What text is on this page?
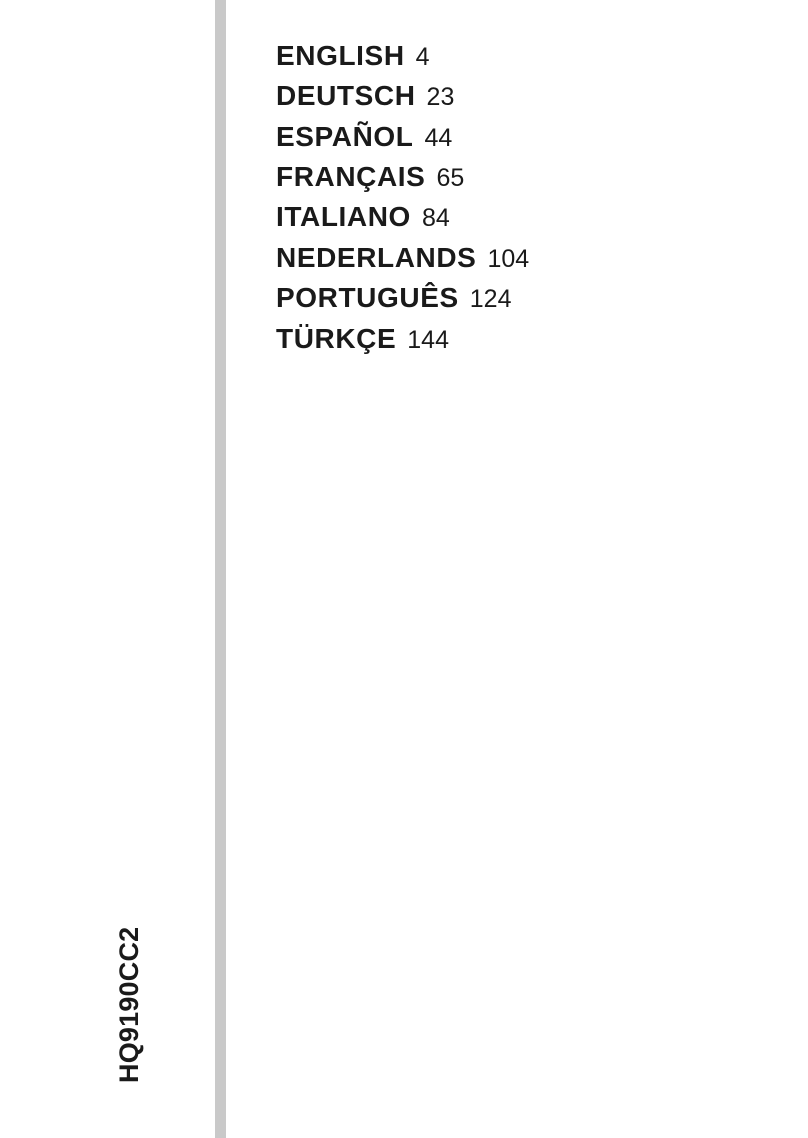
HQ9190CC2
ENGLISH 4
DEUTSCH 23
ESPAÑOL 44
FRANÇAIS 65
ITALIANO 84
NEDERLANDS 104
PORTUGUÊS 124
TÜRKÇE 144
